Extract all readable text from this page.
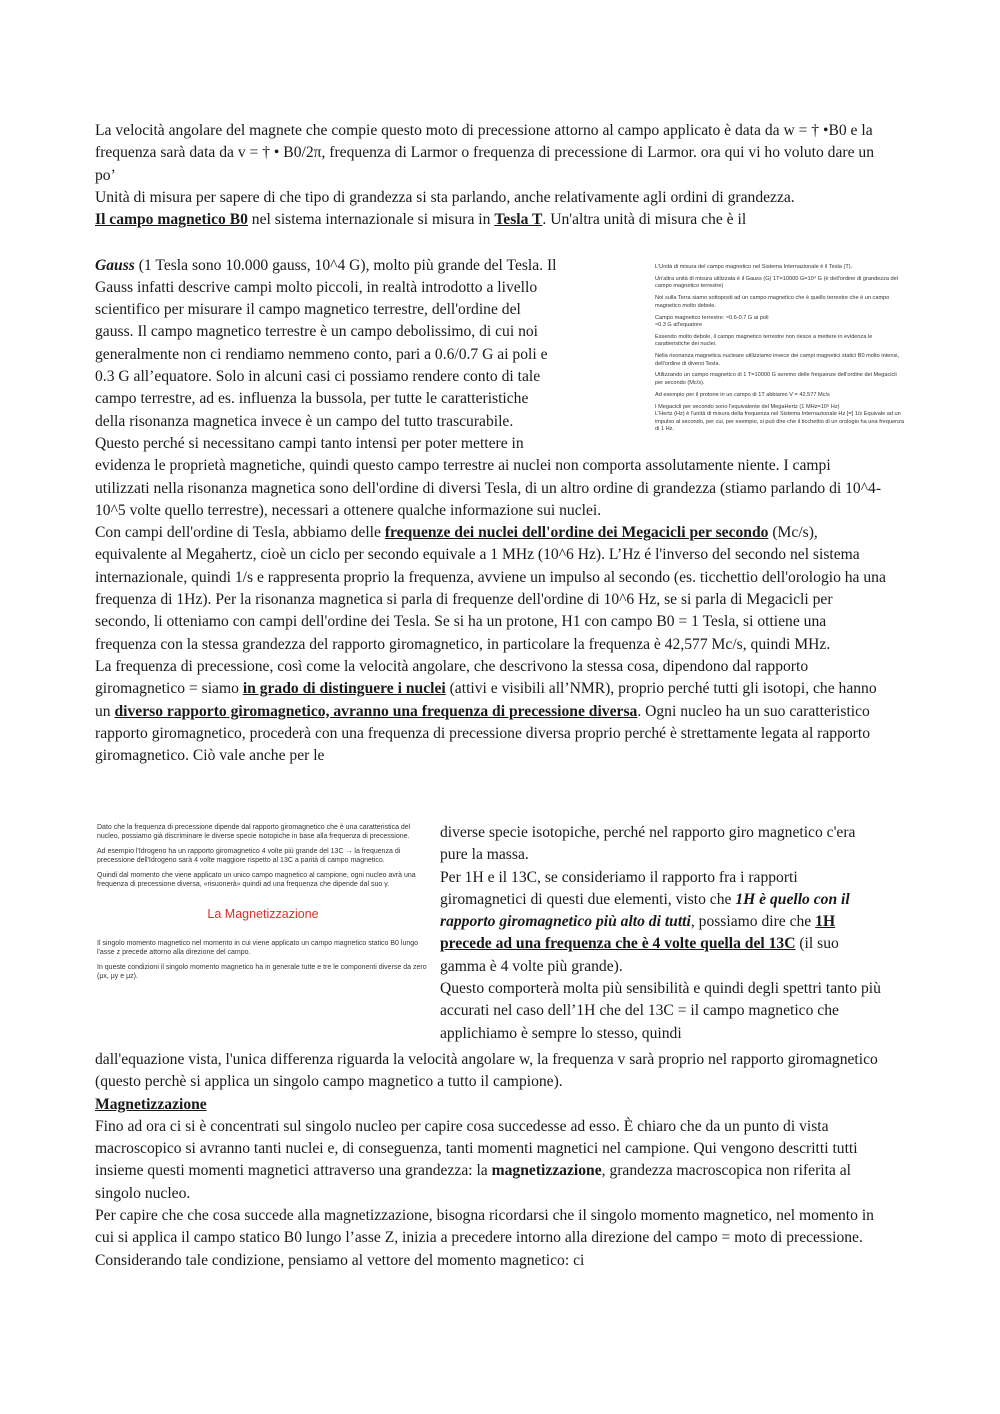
La velocità angolare del magnete che compie questo moto di precessione attorno al campo applicato è data da w = † •B0 e la frequenza sarà data da v = † • B0/2π, frequenza di Larmor o frequenza di precessione di Larmor. ora qui vi ho voluto dare un po’

Unità di misura per sapere di che tipo di grandezza si sta parlando, anche relativamente agli ordini di grandezza.

Il campo magnetico B0 nel sistema internazionale si misura in Tesla T. Un'altra unità di misura che è il

Gauss (1 Tesla sono 10.000 gauss, 10^4 G), molto più grande del Tesla. Il

Gauss infatti descrive campi molto piccoli, in realtà introdotto a livello

scientifico per misurare il campo magnetico terrestre, dell'ordine del

gauss. Il campo magnetico terrestre è un campo debolissimo, di cui noi

generalmente non ci rendiamo nemmeno conto, pari a 0.6/0.7 G ai poli e

0.3 G all’equatore. Solo in alcuni casi ci possiamo rendere conto di tale

campo terrestre, ad es. influenza la bussola, per tutte le caratteristiche

della risonanza magnetica invece è un campo del tutto trascurabile.

Questo perché si necessitano campi tanto intensi per poter mettere in

L'Unità di misura del campo magnetico nel Sistema Internazionale è il Tesla (T).

Un'altra unità di misura utilizzata è il Gauss (G) 1T=10000 G=10⁴ G (è dell'ordine di grandezza del campo magnetico terrestre)

Noi sulla Terra siamo sottoposti ad un campo magnetico che è quello terrestre che è un campo magnetico molto debole.

Campo magnetico terrestre: ≈0.6-0.7 G ai poli
≈0.3 G all'equatore

Essendo molto debole, il campo magnetico terrestre non riesce a mettere in evidenza le caratteristiche dei nuclei.

Nella risonanza magnetica nucleare utilizziamo invece dei campi magnetici statici B0 molto intensi, dell'ordine di diversi Tesla.

Utilizzando un campo magnetico di 1 T=10000 G avremo delle frequenze dell'ordine dei Megacicli per secondo (Mc/s).

Ad esempio per il protone in un campo di 1T abbiamo V = 42.577 Mc/s

I Megacicli per secondo sono l'equivalente del MegaHertz (1 MHz=10⁶ Hz)
L'Hertz (Hz) è l'unità di misura della frequenza nel Sistema Internazionale Hz [=] 1/s Equivale ad un impulso al secondo, per cui, per esempio, si può dire che il ticchettio di un orologio ha una frequenza di 1 Hz.

evidenza le proprietà magnetiche, quindi questo campo terrestre ai nuclei non comporta assolutamente niente. I campi utilizzati nella risonanza magnetica sono dell'ordine di diversi Tesla, di un altro ordine di grandezza (stiamo parlando di 10^4-10^5 volte quello terrestre), necessari a ottenere qualche informazione sui nuclei.

Con campi dell'ordine di Tesla, abbiamo delle frequenze dei nuclei dell'ordine dei Megacicli per secondo (Mc/s), equivalente al Megahertz, cioè un ciclo per secondo equivale a 1 MHz (10^6 Hz). L’Hz é l'inverso del secondo nel sistema internazionale, quindi 1/s e rappresenta proprio la frequenza, avviene un impulso al secondo (es. ticchettio dell'orologio ha una frequenza di 1Hz). Per la risonanza magnetica si parla di frequenze dell'ordine di 10^6 Hz, se si parla di Megacicli per secondo, li otteniamo con campi dell'ordine dei Tesla. Se si ha un protone, H1 con campo B0 = 1 Tesla, si ottiene una frequenza con la stessa grandezza del rapporto giromagnetico, in particolare la frequenza è 42,577 Mc/s, quindi MHz.

La frequenza di precessione, così come la velocità angolare, che descrivono la stessa cosa, dipendono dal rapporto giromagnetico = siamo in grado di distinguere i nuclei (attivi e visibili all’NMR), proprio perché tutti gli isotopi, che hanno un diverso rapporto giromagnetico, avranno una frequenza di precessione diversa. Ogni nucleo ha un suo caratteristico rapporto giromagnetico, procederà con una frequenza di precessione diversa proprio perché è strettamente legata al rapporto giromagnetico. Ciò vale anche per le

Dato che la frequenza di precessione dipende dal rapporto giromagnetico che è una caratteristica del nucleo, possiamo già discriminare le diverse specie isotopiche in base alla frequenza di precessione.

Ad esempio l'Idrogeno ha un rapporto giromagnetico 4 volte più grande del 13C → la frequenza di precessione dell'Idrogeno sarà 4 volte maggiore rispetto al 13C a parità di campo magnetico.

Quindi dal momento che viene applicato un unico campo magnetico al campione, ogni nucleo avrà una frequenza di precessione diversa, «risuonerà» quindi ad una frequenza che dipende dal suo γ.

La Magnetizzazione

Il singolo momento magnetico nel momento in cui viene applicato un campo magnetico statico B0 lungo l'asse z precede attorno alla direzione del campo.

In queste condizioni il singolo momento magnetico ha in generale tutte e tre le componenti diverse da zero (μx, μy e μz).

diverse specie isotopiche, perché nel rapporto giro magnetico c'era pure la massa.

Per 1H e il 13C, se consideriamo il rapporto fra i rapporti giromagnetici di questi due elementi, visto che 1H è quello con il rapporto giromagnetico più alto di tutti, possiamo dire che 1H precede ad una frequenza che è 4 volte quella del 13C (il suo gamma è 4 volte più grande).

Questo comporterà molta più sensibilità e quindi degli spettri tanto più accurati nel caso dell’1H che del 13C = il campo magnetico che applichiamo è sempre lo stesso, quindi

dall'equazione vista, l'unica differenza riguarda la velocità angolare w, la frequenza v sarà proprio nel rapporto giromagnetico (questo perchè si applica un singolo campo magnetico a tutto il campione).

Magnetizzazione

Fino ad ora ci si è concentrati sul singolo nucleo per capire cosa succedesse ad esso. È chiaro che da un punto di vista macroscopico si avranno tanti nuclei e, di conseguenza, tanti momenti magnetici nel campione. Qui vengono descritti tutti insieme questi momenti magnetici attraverso una grandezza: la magnetizzazione, grandezza macroscopica non riferita al singolo nucleo.

Per capire che che cosa succede alla magnetizzazione, bisogna ricordarsi che il singolo momento magnetico, nel momento in cui si applica il campo statico B0 lungo l’asse Z, inizia a precedere intorno alla direzione del campo = moto di precessione. Considerando tale condizione, pensiamo al vettore del momento magnetico: ci
